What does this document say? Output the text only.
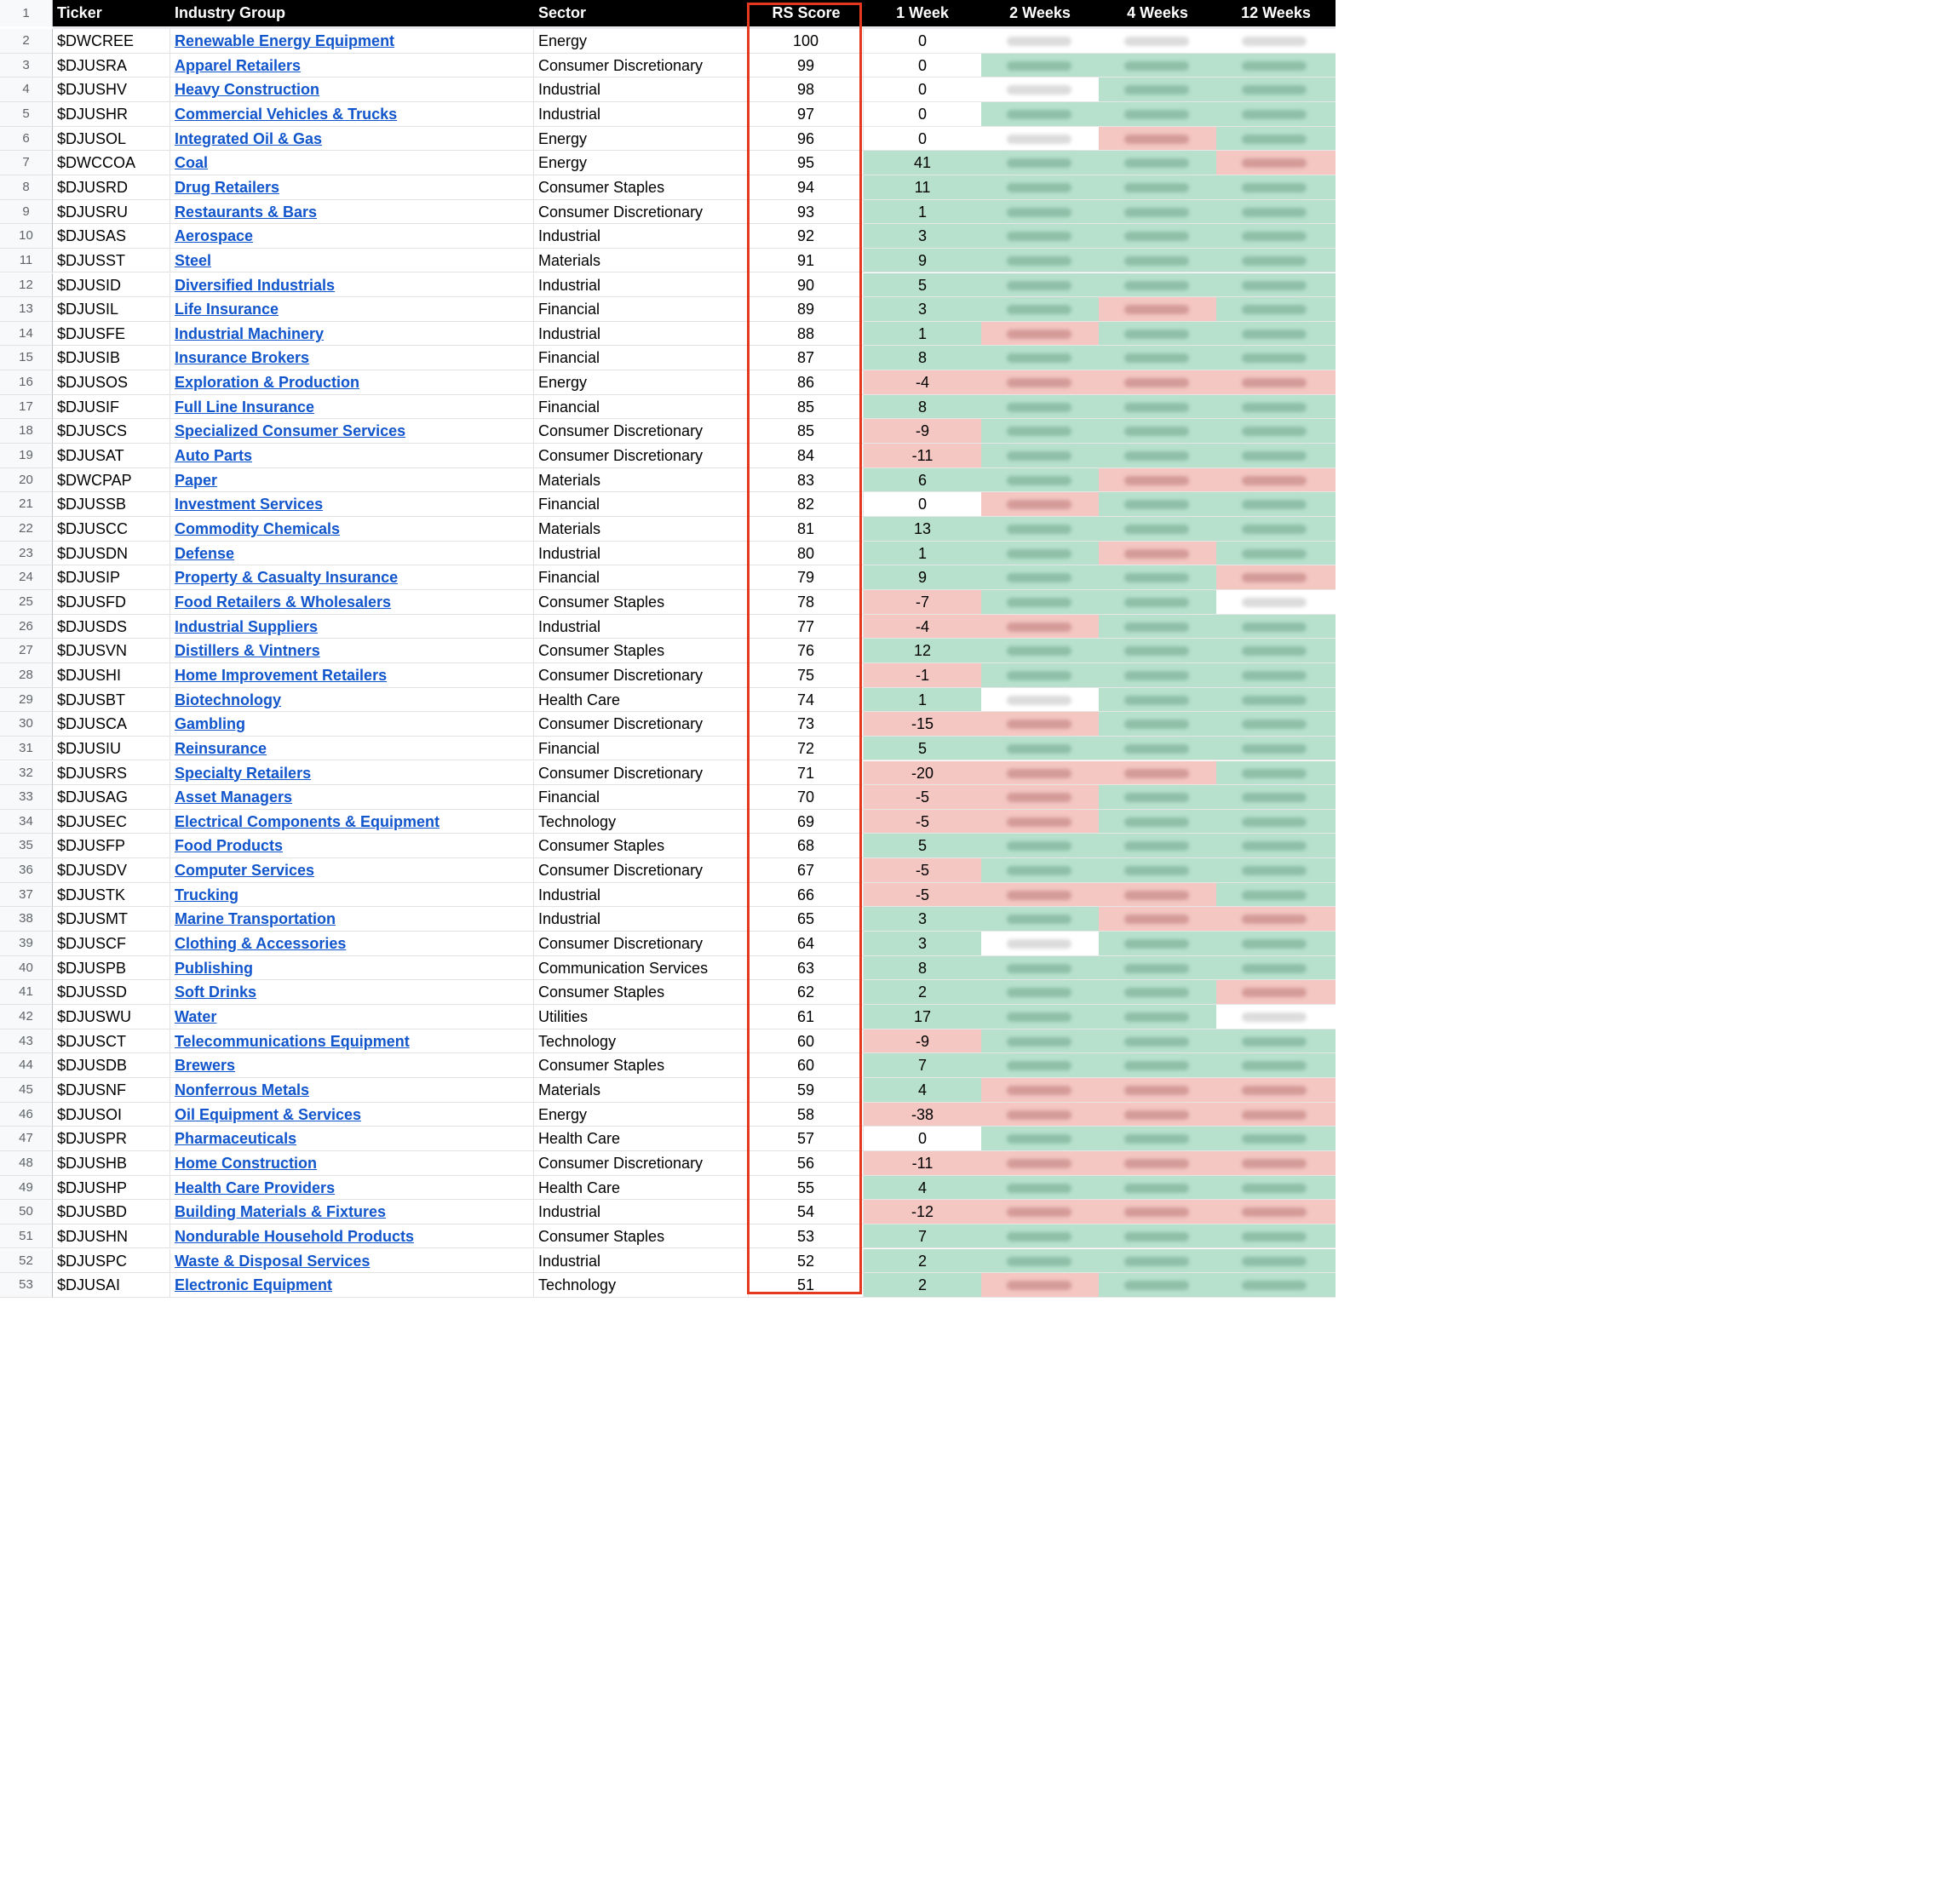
1	Ticker	Industry Group	Sector	RS Score	1 Week	2 Weeks	4 Weeks	12 Weeks
2	$DWCREE	Renewable Energy Equipment	Energy	100	0
3	$DJUSRA	Apparel Retailers	Consumer Discretionary	99	0
4	$DJUSHV	Heavy Construction	Industrial	98	0
5	$DJUSHR	Commercial Vehicles & Trucks	Industrial	97	0
6	$DJUSOL	Integrated Oil & Gas	Energy	96	0
7	$DWCCOA	Coal	Energy	95	41
8	$DJUSRD	Drug Retailers	Consumer Staples	94	11
9	$DJUSRU	Restaurants & Bars	Consumer Discretionary	93	1
10	$DJUSAS	Aerospace	Industrial	92	3
11	$DJUSST	Steel	Materials	91	9
12	$DJUSID	Diversified Industrials	Industrial	90	5
13	$DJUSIL	Life Insurance	Financial	89	3
14	$DJUSFE	Industrial Machinery	Industrial	88	1
15	$DJUSIB	Insurance Brokers	Financial	87	8
16	$DJUSOS	Exploration & Production	Energy	86	-4
17	$DJUSIF	Full Line Insurance	Financial	85	8
18	$DJUSCS	Specialized Consumer Services	Consumer Discretionary	85	-9
19	$DJUSAT	Auto Parts	Consumer Discretionary	84	-11
20	$DWCPAP	Paper	Materials	83	6
21	$DJUSSB	Investment Services	Financial	82	0
22	$DJUSCC	Commodity Chemicals	Materials	81	13
23	$DJUSDN	Defense	Industrial	80	1
24	$DJUSIP	Property & Casualty Insurance	Financial	79	9
25	$DJUSFD	Food Retailers & Wholesalers	Consumer Staples	78	-7
26	$DJUSDS	Industrial Suppliers	Industrial	77	-4
27	$DJUSVN	Distillers & Vintners	Consumer Staples	76	12
28	$DJUSHI	Home Improvement Retailers	Consumer Discretionary	75	-1
29	$DJUSBT	Biotechnology	Health Care	74	1
30	$DJUSCA	Gambling	Consumer Discretionary	73	-15
31	$DJUSIU	Reinsurance	Financial	72	5
32	$DJUSRS	Specialty Retailers	Consumer Discretionary	71	-20
33	$DJUSAG	Asset Managers	Financial	70	-5
34	$DJUSEC	Electrical Components & Equipment	Technology	69	-5
35	$DJUSFP	Food Products	Consumer Staples	68	5
36	$DJUSDV	Computer Services	Consumer Discretionary	67	-5
37	$DJUSTK	Trucking	Industrial	66	-5
38	$DJUSMT	Marine Transportation	Industrial	65	3
39	$DJUSCF	Clothing & Accessories	Consumer Discretionary	64	3
40	$DJUSPB	Publishing	Communication Services	63	8
41	$DJUSSD	Soft Drinks	Consumer Staples	62	2
42	$DJUSWU	Water	Utilities	61	17
43	$DJUSCT	Telecommunications Equipment	Technology	60	-9
44	$DJUSDB	Brewers	Consumer Staples	60	7
45	$DJUSNF	Nonferrous Metals	Materials	59	4
46	$DJUSOI	Oil Equipment & Services	Energy	58	-38
47	$DJUSPR	Pharmaceuticals	Health Care	57	0
48	$DJUSHB	Home Construction	Consumer Discretionary	56	-11
49	$DJUSHP	Health Care Providers	Health Care	55	4
50	$DJUSBD	Building Materials & Fixtures	Industrial	54	-12
51	$DJUSHN	Nondurable Household Products	Consumer Staples	53	7
52	$DJUSPC	Waste & Disposal Services	Industrial	52	2
53	$DJUSAI	Electronic Equipment	Technology	51	2
